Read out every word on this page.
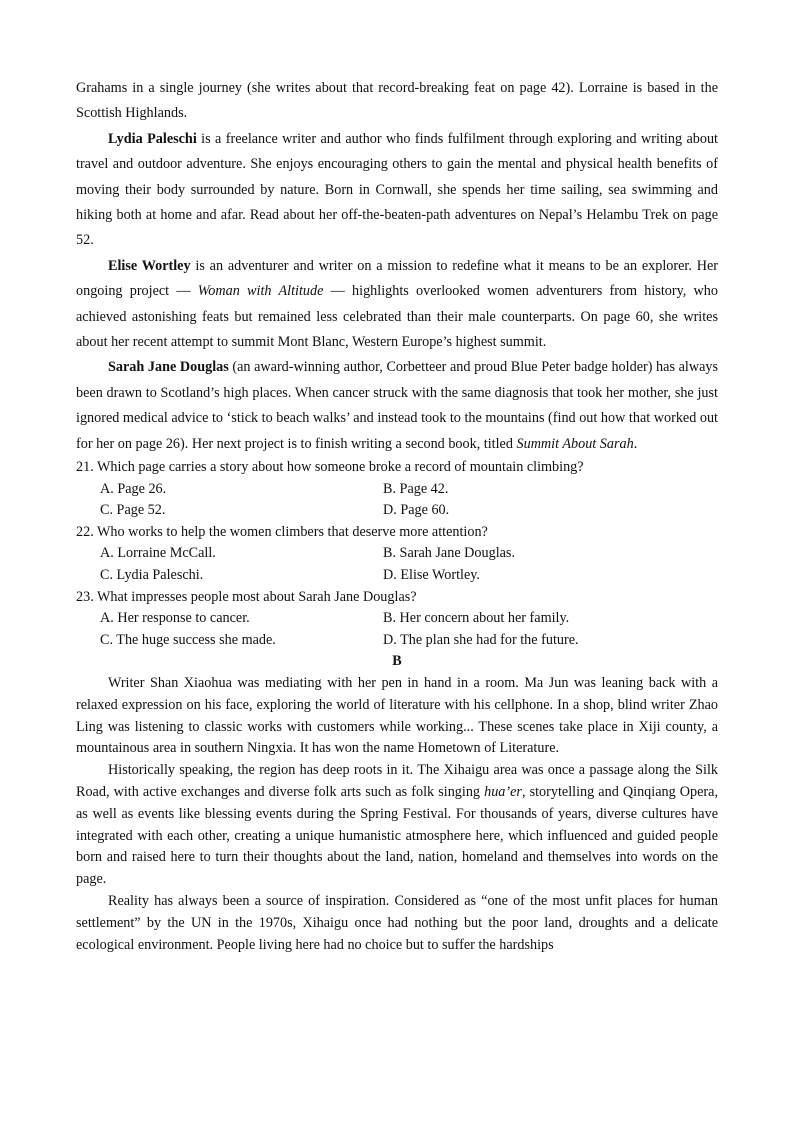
Grahams in a single journey (she writes about that record-breaking feat on page 42). Lorraine is based in the Scottish Highlands.

Lydia Paleschi is a freelance writer and author who finds fulfilment through exploring and writing about travel and outdoor adventure. She enjoys encouraging others to gain the mental and physical health benefits of moving their body surrounded by nature. Born in Cornwall, she spends her time sailing, sea swimming and hiking both at home and afar. Read about her off-the-beaten-path adventures on Nepal’s Helambu Trek on page 52.

Elise Wortley is an adventurer and writer on a mission to redefine what it means to be an explorer. Her ongoing project — Woman with Altitude — highlights overlooked women adventurers from history, who achieved astonishing feats but remained less celebrated than their male counterparts. On page 60, she writes about her recent attempt to summit Mont Blanc, Western Europe’s highest summit.

Sarah Jane Douglas (an award-winning author, Corbetteer and proud Blue Peter badge holder) has always been drawn to Scotland’s high places. When cancer struck with the same diagnosis that took her mother, she just ignored medical advice to ‘stick to beach walks’ and instead took to the mountains (find out how that worked out for her on page 26). Her next project is to finish writing a second book, titled Summit About Sarah.

21. Which page carries a story about how someone broke a record of mountain climbing?

A. Page 26.	B. Page 42.
C. Page 52.	D. Page 60.

22. Who works to help the women climbers that deserve more attention?

A. Lorraine McCall.	B. Sarah Jane Douglas.
C. Lydia Paleschi.	D. Elise Wortley.

23. What impresses people most about Sarah Jane Douglas?

A. Her response to cancer.	B. Her concern about her family.
C. The huge success she made.	D. The plan she had for the future.
B

Writer Shan Xiaohua was mediating with her pen in hand in a room. Ma Jun was leaning back with a relaxed expression on his face, exploring the world of literature with his cellphone. In a shop, blind writer Zhao Ling was listening to classic works with customers while working... These scenes take place in Xiji county, a mountainous area in southern Ningxia. It has won the name Hometown of Literature.

Historically speaking, the region has deep roots in it. The Xihaigu area was once a passage along the Silk Road, with active exchanges and diverse folk arts such as folk singing hua’er, storytelling and Qinqiang Opera, as well as events like blessing events during the Spring Festival. For thousands of years, diverse cultures have integrated with each other, creating a unique humanistic atmosphere here, which influenced and guided people born and raised here to turn their thoughts about the land, nation, homeland and themselves into words on the page.

Reality has always been a source of inspiration. Considered as “one of the most unfit places for human settlement” by the UN in the 1970s, Xihaigu once had nothing but the poor land, droughts and a delicate ecological environment. People living here had no choice but to suffer the hardships
